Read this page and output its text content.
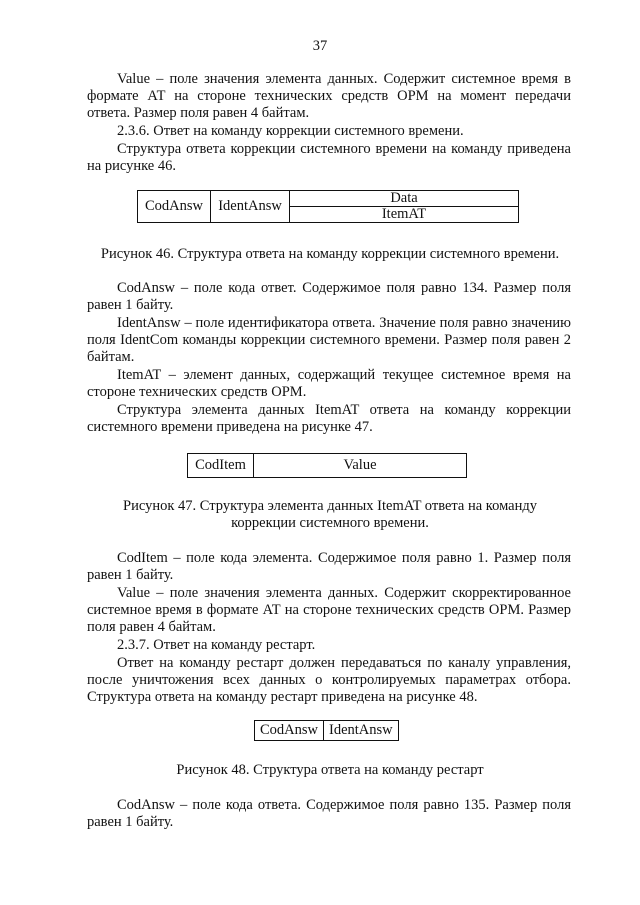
37

Value – поле значения элемента данных. Содержит системное время в формате АТ на стороне технических средств ОРМ на момент передачи ответа. Размер поля равен 4 байтам.

2.3.6. Ответ на команду коррекции системного времени.

Структура ответа коррекции системного времени на команду приведена на рисунке 46.

CodAnsw	IdentAnsw	Data
ItemAT

Рисунок 46. Структура ответа на команду коррекции системного времени.

CodAnsw – поле кода ответ. Содержимое поля равно 134. Размер поля равен 1 байту.

IdentAnsw – поле идентификатора ответа. Значение поля равно значению поля IdentCom команды коррекции системного времени. Размер поля равен 2 байтам.

ItemAT – элемент данных, содержащий текущее системное время на стороне технических средств ОРМ.

Структура элемента данных ItemAT ответа на команду коррекции системного времени приведена на рисунке 47.

CodItem	Value

Рисунок 47. Структура элемента данных ItemAT ответа на команду

коррекции системного времени.

CodItem – поле кода элемента. Содержимое поля равно 1. Размер поля равен 1 байту.

Value – поле значения элемента данных. Содержит скорректированное системное время в формате АТ на стороне технических средств ОРМ. Размер поля равен 4 байтам.

2.3.7. Ответ на команду рестарт.

Ответ на команду рестарт должен передаваться по каналу управления, после уничтожения всех данных о контролируемых параметрах отбора. Структура ответа на команду рестарт приведена на рисунке 48.

CodAnsw	IdentAnsw

Рисунок 48. Структура ответа на команду рестарт

CodAnsw – поле кода ответа. Содержимое поля равно 135. Размер поля равен 1 байту.
